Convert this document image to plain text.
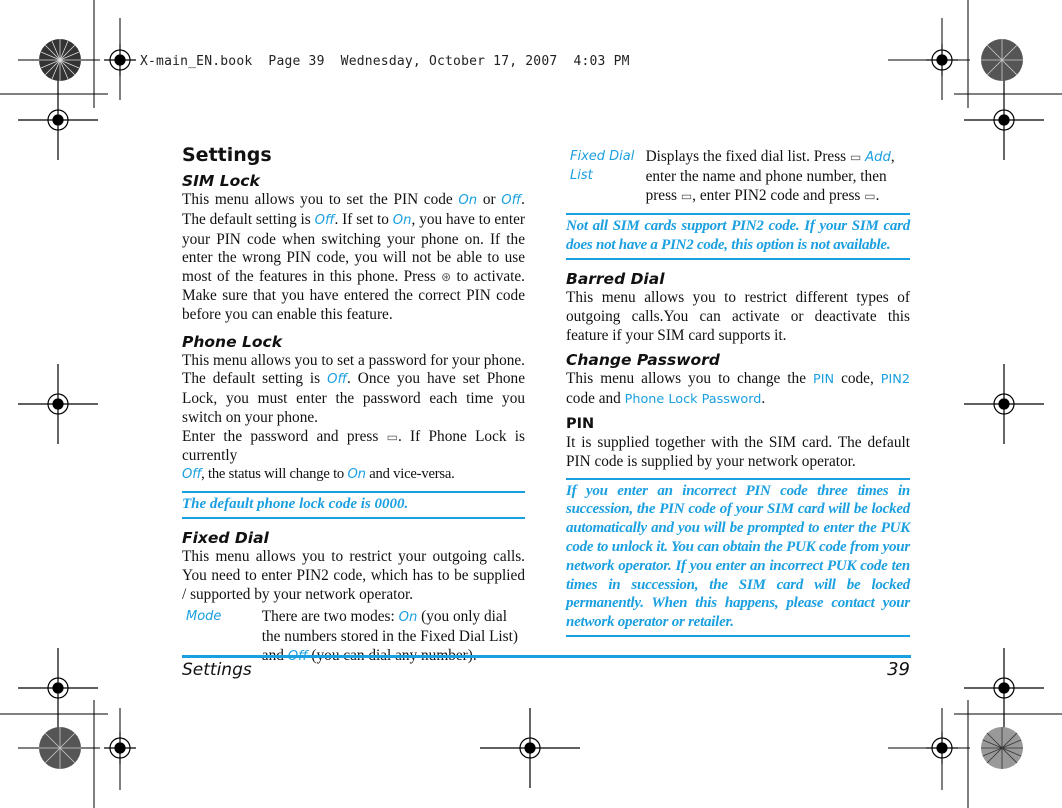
X-main_EN.book  Page 39  Wednesday, October 17, 2007  4:03 PM
Settings
SIM Lock

This menu allows you to set the PIN code On or Off. The default setting is Off. If set to On, you have to enter your PIN code when switching your phone on. If the enter the wrong PIN code, you will not be able to use most of the features in this phone. Press ⊛ to activate. Make sure that you have entered the correct PIN code before you can enable this feature.

Phone Lock

This menu allows you to set a password for your phone. The default setting is Off. Once you have set Phone Lock, you must enter the password each time you switch on your phone.

Enter the password and press ▭. If Phone Lock is currently

Off, the status will change to On and vice-versa.

The default phone lock code is 0000.

Fixed Dial

This menu allows you to restrict your outgoing calls. You need to enter PIN2 code, which has to be supplied / supported by your network operator.

Mode	There are two modes: On (you only dial the numbers stored in the Fixed Dial List)
Fixed Dial
List
Displays the fixed dial list. Press ▭ Add, enter the name and phone number, then press ▭, enter PIN2 code and press ▭.

Not all SIM cards support PIN2 code. If your SIM card does not have a PIN2 code, this option is not available.

Barred Dial

This menu allows you to restrict different types of outgoing calls.You can activate or deactivate this feature if your SIM card supports it.

Change Password

This menu allows you to change the PIN code, PIN2 code and Phone Lock Password.

PIN

It is supplied together with the SIM card. The default PIN code is supplied by your network operator.

If you enter an incorrect PIN code three times in succession, the PIN code of your SIM card will be locked automatically and you will be prompted to enter the PUK code to unlock it. You can obtain the PUK code from your network operator. If you enter an incorrect PUK code ten times in succession, the SIM card will be locked permanently. When this happens, please contact your network operator or retailer.

Settings	39
